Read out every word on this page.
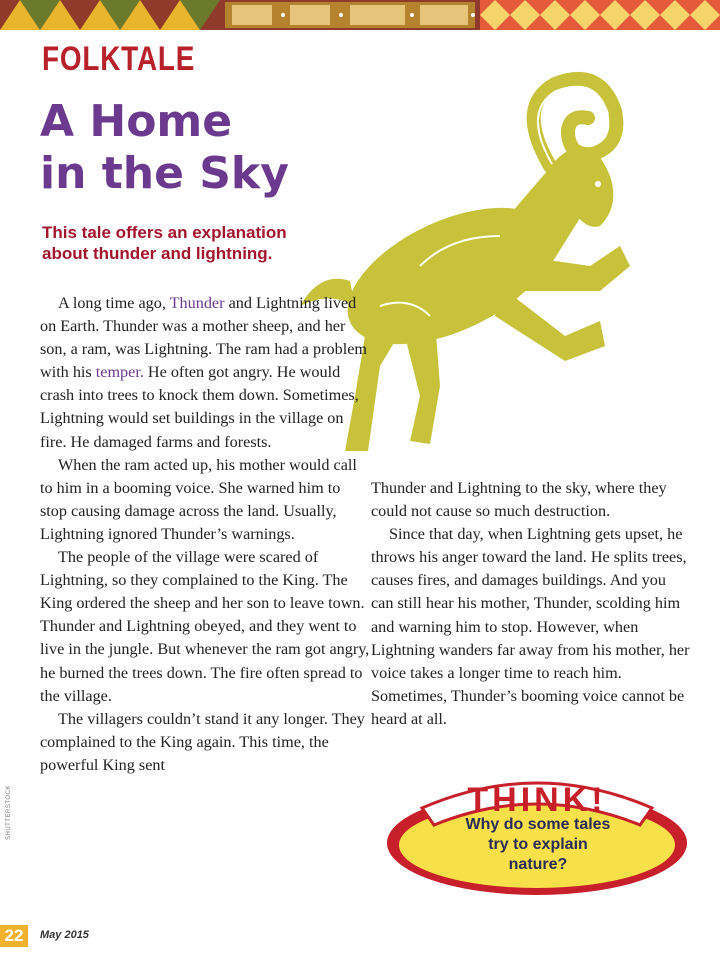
FOLKTALE
A Home
in the Sky
This tale offers an explanation
about thunder and lightning.

A long time ago, Thunder and Lightning lived on Earth. Thunder was a mother sheep, and her son, a ram, was Lightning. The ram had a problem with his temper. He often got angry. He would crash into trees to knock them down. Sometimes, Lightning would set buildings in the village on fire. He damaged farms and forests.

When the ram acted up, his mother would call to him in a booming voice. She warned him to stop causing damage across the land. Usually, Lightning ignored Thunder’s warnings.

The people of the village were scared of Lightning, so they complained to the King. The King ordered the sheep and her son to leave town. Thunder and Lightning obeyed, and they went to live in the jungle. But whenever the ram got angry, he burned the trees down. The fire often spread to the village.

The villagers couldn’t stand it any longer. They complained to the King again. This time, the powerful King sent

Thunder and Lightning to the sky, where they could not cause so much destruction.

Since that day, when Lightning gets upset, he throws his anger toward the land. He splits trees, causes fires, and damages buildings. And you can still hear his mother, Thunder, scolding him and warning him to stop. However, when Lightning wanders far away from his mother, her voice takes a longer time to reach him. Sometimes, Thunder’s booming voice cannot be heard at all.

THINK!
Why do some tales try to explain nature?
SHUTTERSTOCK
22	May 2015
